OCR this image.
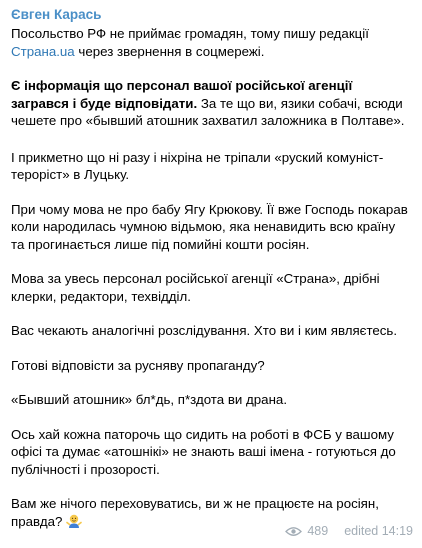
Євген Карась
Посольство РФ не приймає громадян, тому пишу редакції Страна.ua через звернення в соцмережі.
Є інформація що персонал вашої російської агенції загрався і буде відповідати. За те що ви, язики собачі, всюди чешете про «бывший атошник захватил заложника в Полтаве».
І прикметно що ні разу і ніхрiна не тріпали «руский комуніст-терорiст» в Луцьку.
При чому мова не про бабу Ягу Крюкову. Її вже Господь покарав коли народилась чумною відьмою, яка ненавидить всю країну та прогинається лише під помийні кошти росіян.
Мова за увесь персонал російської агенції «Страна», дрібні клерки, редактори, техвідділ.
Вас чекають аналогічні розслідування. Хто ви і ким являєтесь.
Готові відповісти за русняву пропаганду?
«Бывший атошник» бл*дь, п*здота ви драна.
Ось хай кожна паторочь що сидить на роботі в ФСБ у вашому офісі та думає «атошнікі» не знають ваші імена - готуються до публічності і прозорості.
Вам же нічого переховуватись, ви ж не працюєте на росіян, правда?
489 edited 14:19
